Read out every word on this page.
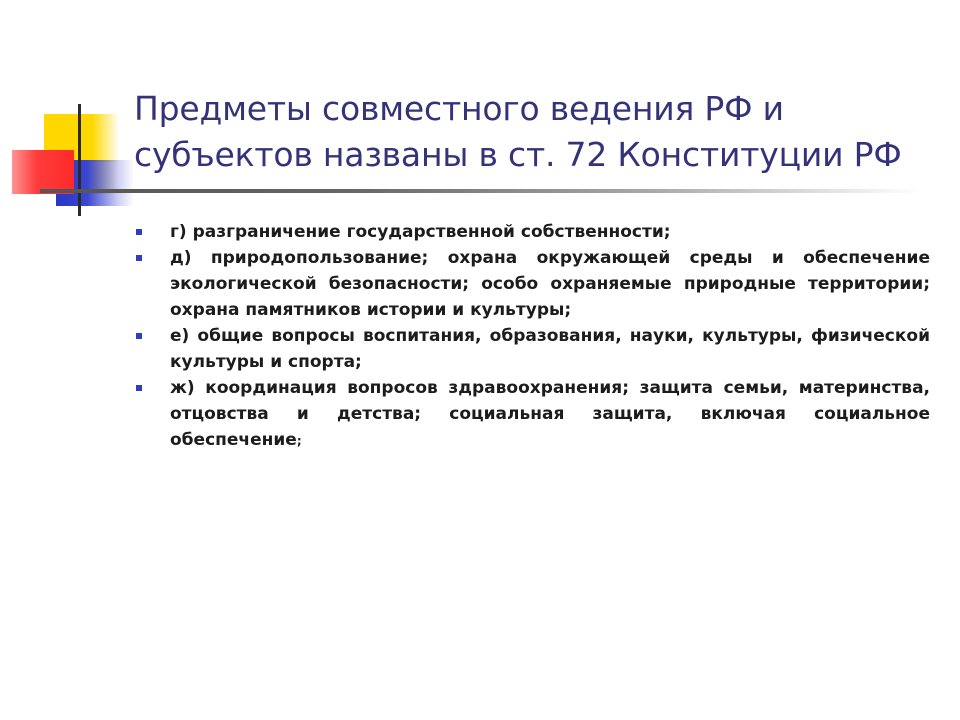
Предметы совместного ведения РФ и
субъектов названы в ст. 72 Конституции РФ
г) разграничение государственной собственности;
д) природопользование; охрана окружающей среды и обеспечение экологической безопасности; особо охраняемые природные территории; охрана памятников истории и культуры;
е) общие вопросы воспитания, образования, науки, культуры, физической культуры и спорта;
ж) координация вопросов здравоохранения; защита семьи, материнства, отцовства и детства; социальная защита, включая социальное обеспечение;
